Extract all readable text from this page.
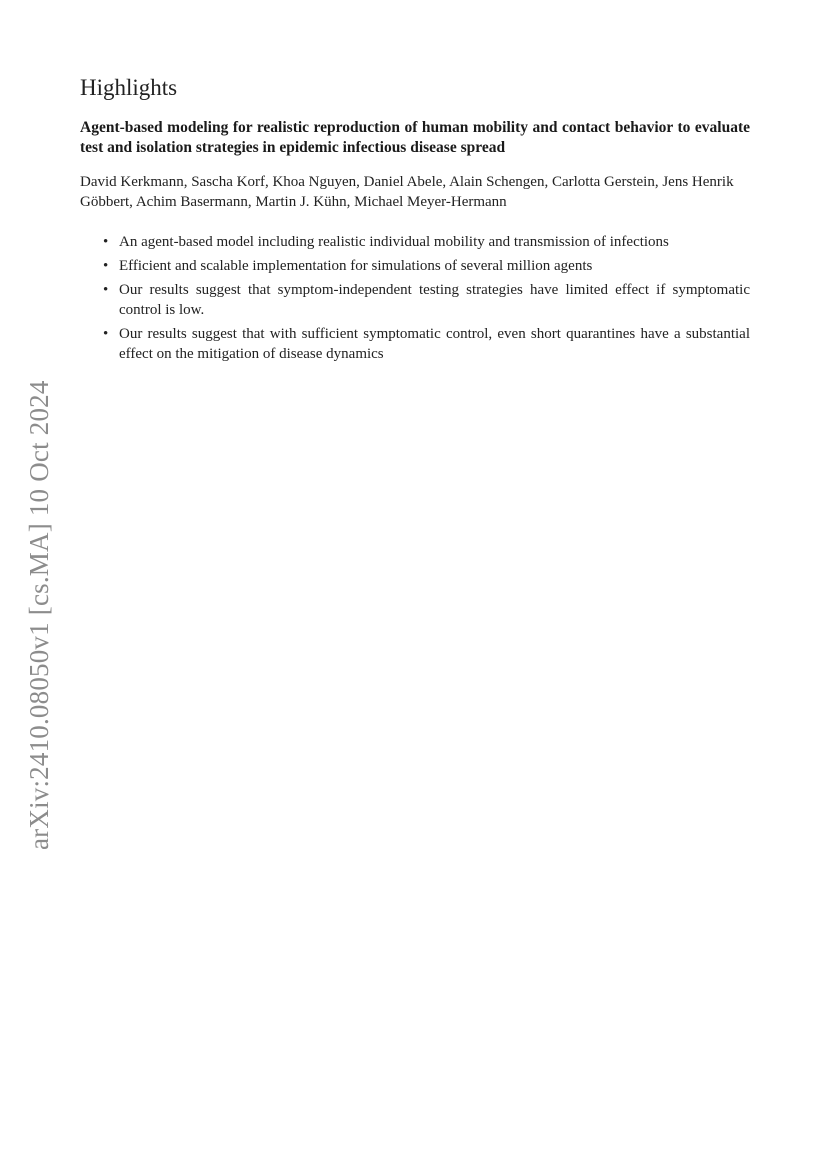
arXiv:2410.08050v1 [cs.MA] 10 Oct 2024
Highlights

Agent-based modeling for realistic reproduction of human mobility and contact behavior to evaluate test and isolation strategies in epidemic infectious disease spread

David Kerkmann, Sascha Korf, Khoa Nguyen, Daniel Abele, Alain Schengen, Carlotta Gerstein, Jens Henrik Göbbert, Achim Basermann, Martin J. Kühn, Michael Meyer-Hermann

• An agent-based model including realistic individual mobility and transmission of infections
• Efficient and scalable implementation for simulations of several million agents
• Our results suggest that symptom-independent testing strategies have limited effect if symptomatic control is low.
• Our results suggest that with sufficient symptomatic control, even short quarantines have a substantial effect on the mitigation of disease dynamics
